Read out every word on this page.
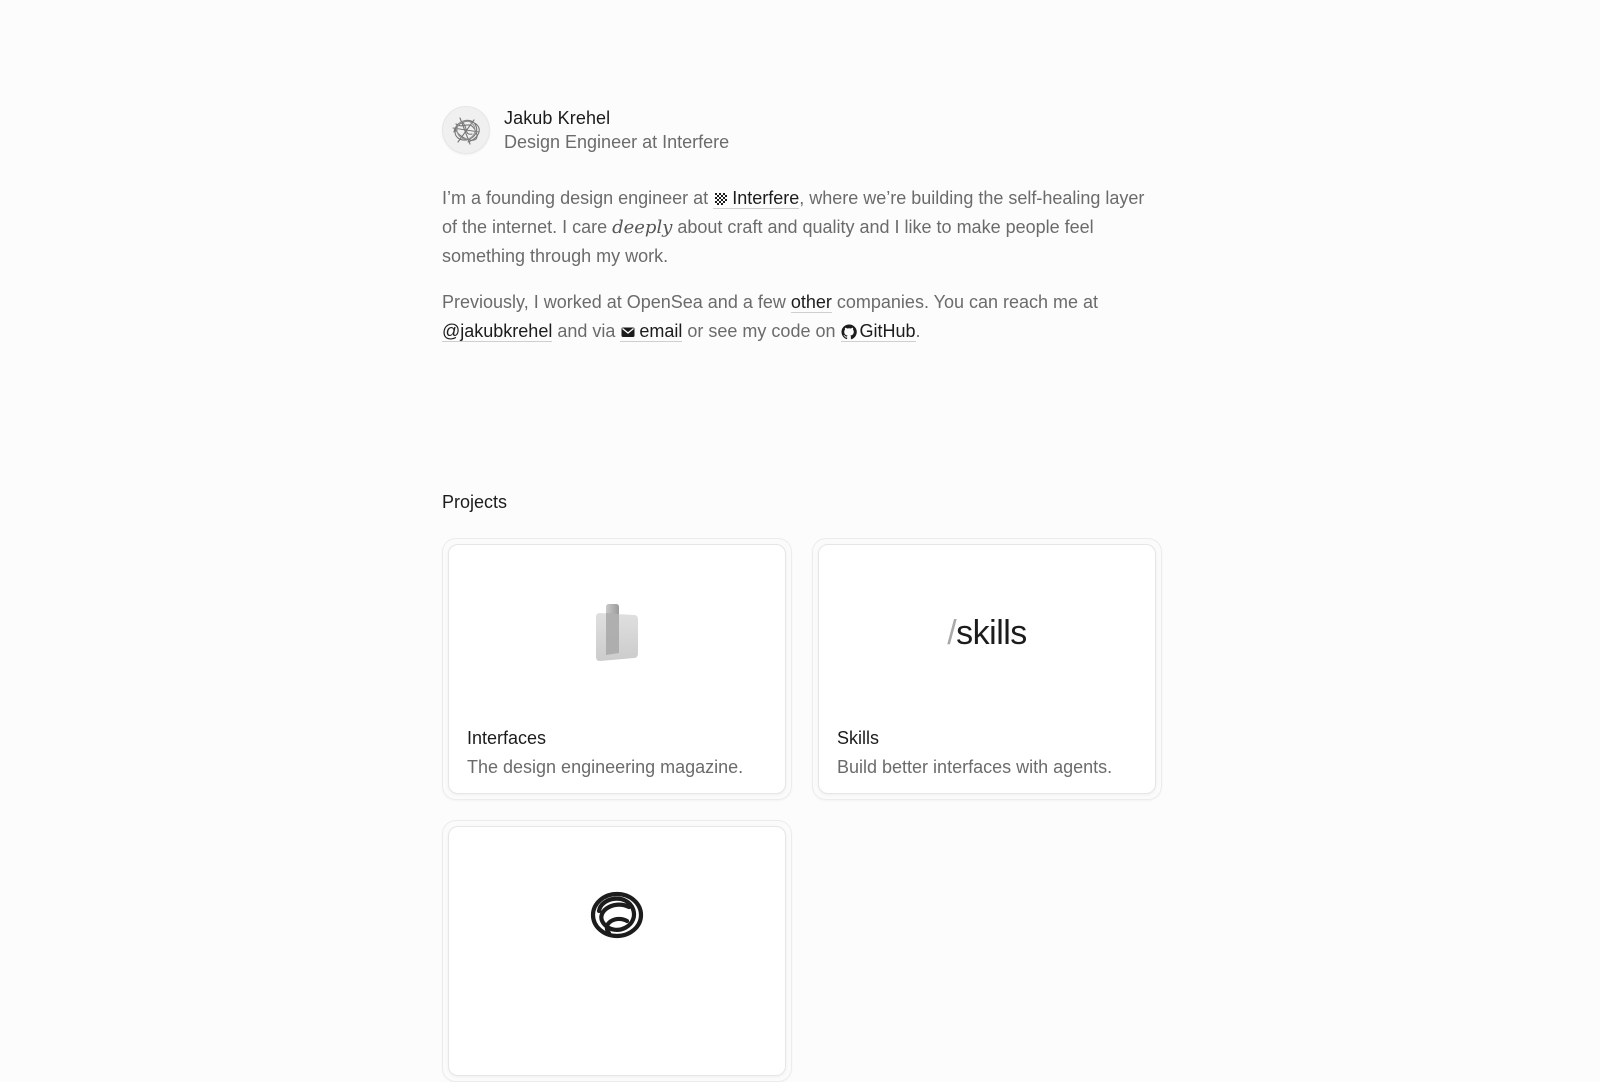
Jakub Krehel
Design Engineer at Interfere

I’m a founding design engineer at Interfere, where we’re building the self-healing layer of the internet. I care deeply about craft and quality and I like to make people feel something through my work.

Previously, I worked at OpenSea and a few other companies. You can reach me at @jakubkrehel and via email or see my code on GitHub.

Projects
Interfaces
The design engineering magazine.
/skills
Skills
Build better interfaces with agents.
